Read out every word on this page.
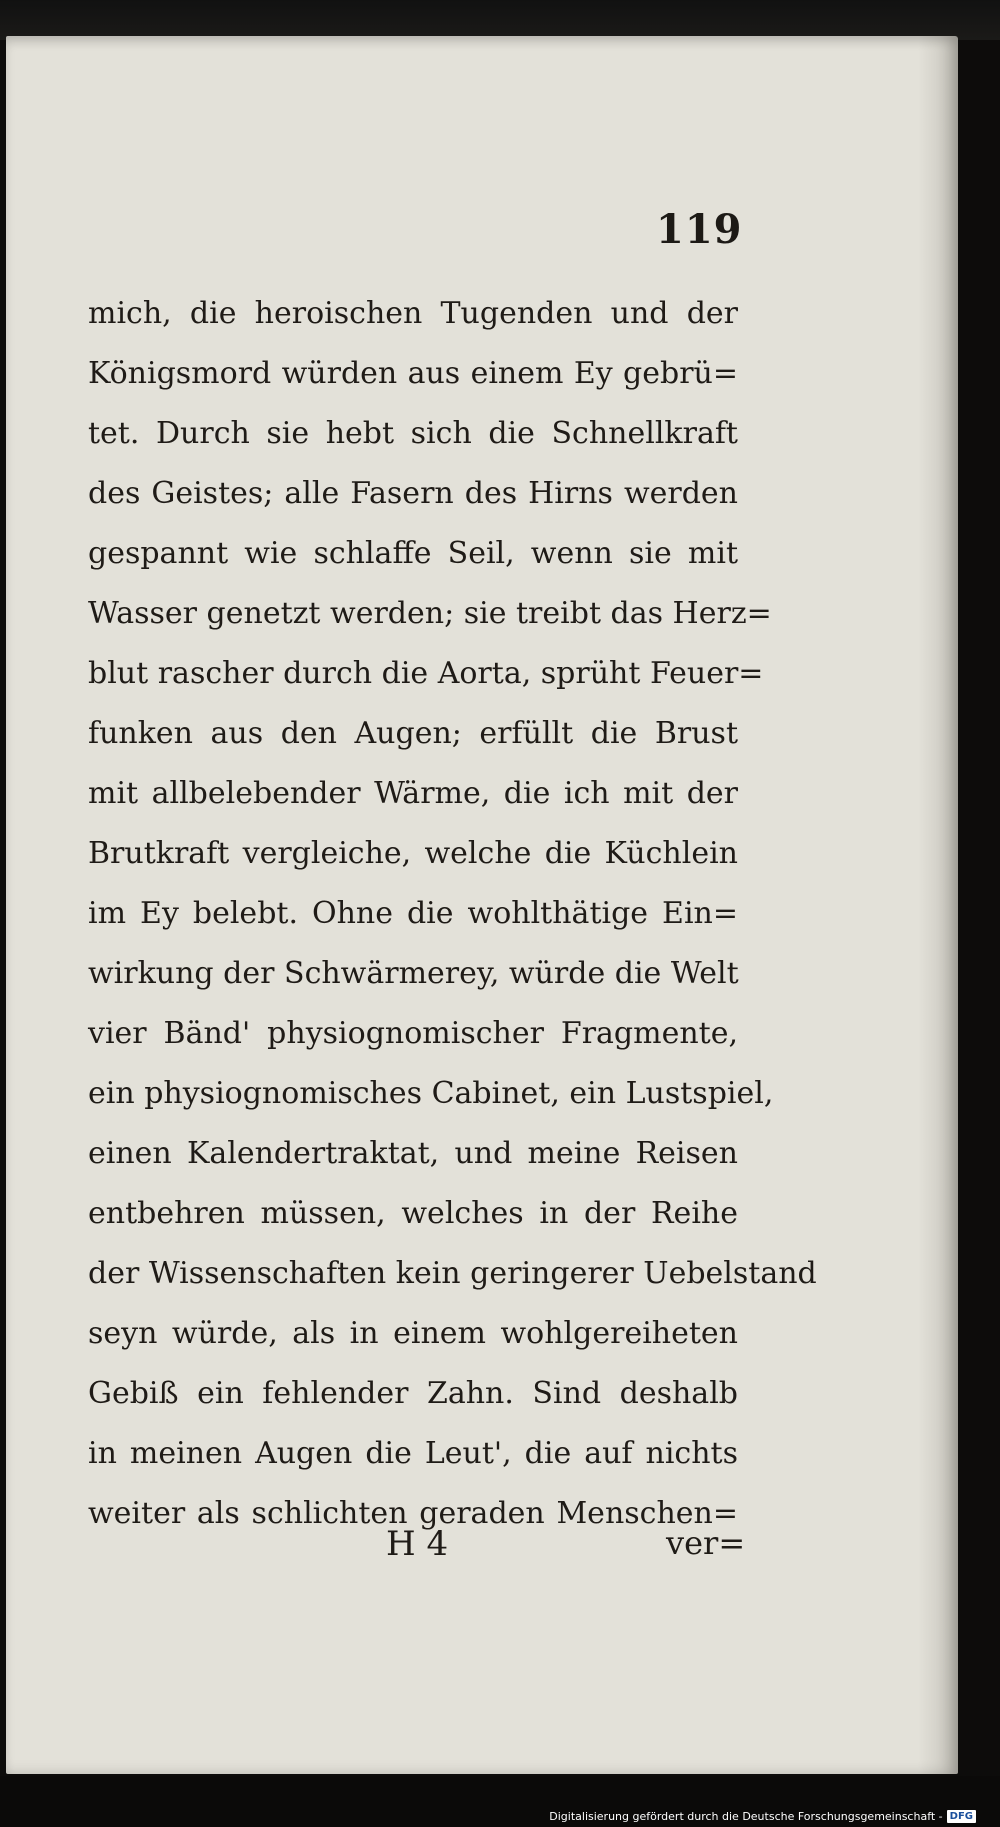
119
mich, die heroischen Tugenden und der
Königsmord würden aus einem Ey gebrü=
tet. Durch sie hebt sich die Schnellkraft
des Geistes; alle Fasern des Hirns werden
gespannt wie schlaffe Seil, wenn sie mit
Wasser genetzt werden; sie treibt das Herz=
blut rascher durch die Aorta, sprüht Feuer=
funken aus den Augen; erfüllt die Brust
mit allbelebender Wärme, die ich mit der
Brutkraft vergleiche, welche die Küchlein
im Ey belebt. Ohne die wohlthätige Ein=
wirkung der Schwärmerey, würde die Welt
vier Bänd' physiognomischer Fragmente,
ein physiognomisches Cabinet, ein Lustspiel,
einen Kalendertraktat, und meine Reisen
entbehren müssen, welches in der Reihe
der Wissenschaften kein geringerer Uebelstand
seyn würde, als in einem wohlgereiheten
Gebiß ein fehlender Zahn. Sind deshalb
in meinen Augen die Leut', die auf nichts
weiter als schlichten geraden Menschen=
H 4	ver=
Digitalisierung gefördert durch die Deutsche Forschungsgemeinschaft - DFG
